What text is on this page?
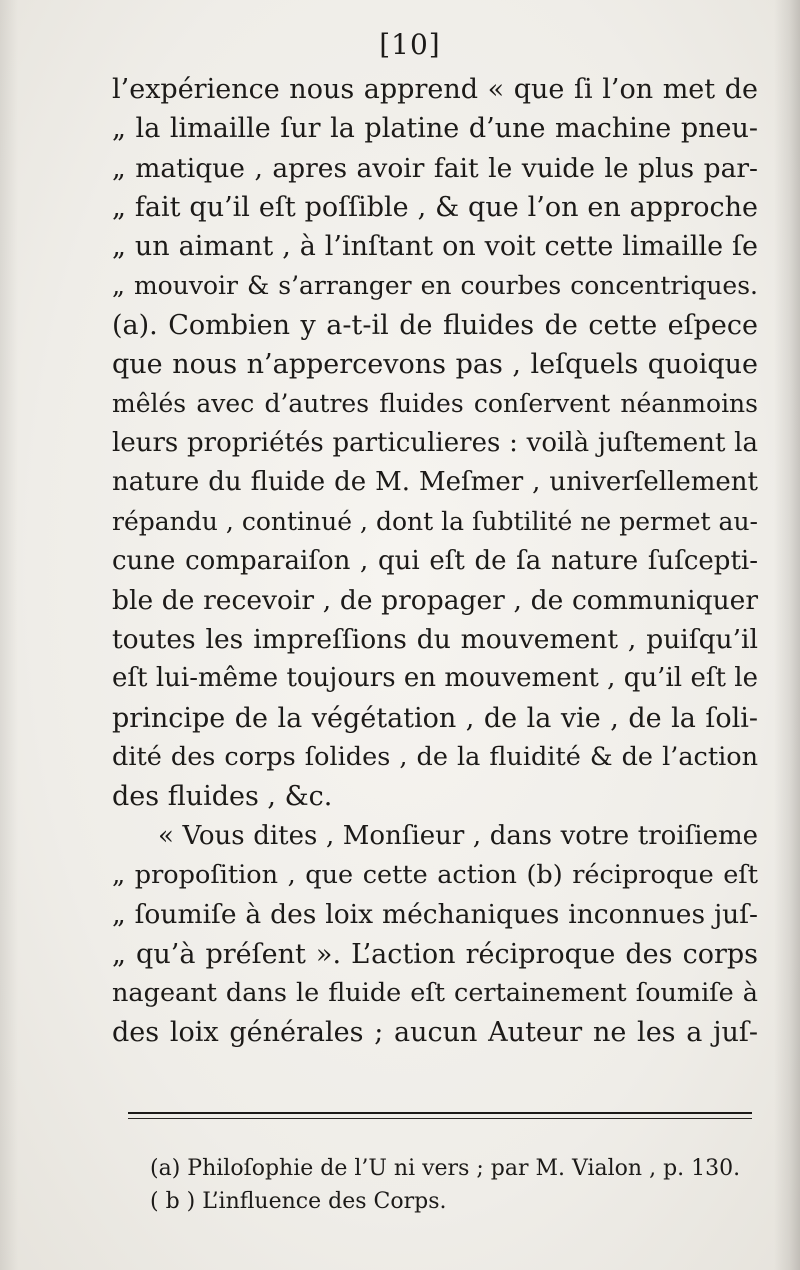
[10]
l’expérience nous apprend « que ſi l’on met de
„ la limaille ſur la platine d’une machine pneu-
„ matique , apres avoir fait le vuide le plus par-
„ fait qu’il eſt poſſible , & que l’on en approche
„ un aimant , à l’inſtant on voit cette limaille ſe
„ mouvoir & s’arranger en courbes concentriques.
(a). Combien y a-t-il de fluides de cette eſpece
que nous n’appercevons pas , leſquels quoique
mêlés avec d’autres fluides conſervent néanmoins
leurs propriétés particulieres : voilà juſtement la
nature du fluide de M. Meſmer , univerſellement
répandu , continué , dont la ſubtilité ne permet au-
cune comparaiſon , qui eſt de ſa nature ſuſcepti-
ble de recevoir , de propager , de communiquer
toutes les impreſſions du mouvement , puiſqu’il
eſt lui-même toujours en mouvement , qu’il eſt le
principe de la végétation , de la vie , de la ſoli-
dité des corps ſolides , de la fluidité & de l’action
des fluides , &c.
« Vous dites , Monſieur , dans votre troiſieme
„ propoſition , que cette action (b) réciproque eſt
„ ſoumiſe à des loix méchaniques inconnues juſ-
„ qu’à préſent ». L’action réciproque des corps
nageant dans le fluide eſt certainement ſoumiſe à
des loix générales ; aucun Auteur ne les a juſ-
(a) Philoſophie de l’U ni vers ; par M. Vialon , p. 130.
( b ) L’influence des Corps.
